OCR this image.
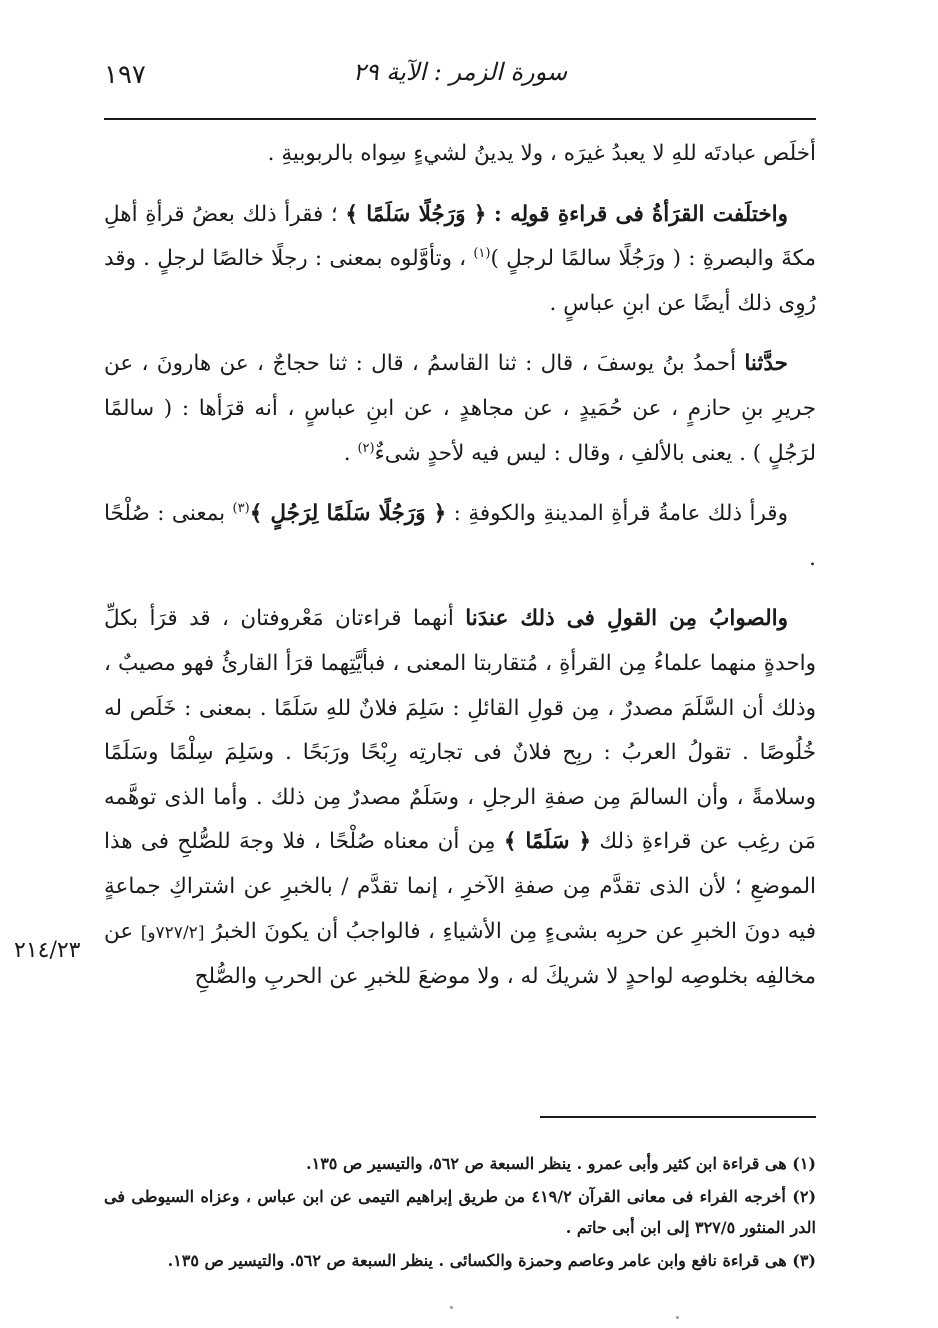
١٩٧	سورة الزمر : الآية ٢٩

أخلَص عبادتَه للهِ لا يعبدُ غيرَه ، ولا يدينُ لشيءٍ سِواه بالربوبيةِ .

واختلَفت القرَأةُ فى قراءةِ قولِه : ﴿ وَرَجُلًا سَلَمًا ﴾ ؛ فقرأ ذلك بعضُ قرأةِ أهلِ مكةَ والبصرةِ : ( ورَجُلًا سالمًا لرجلٍ )$^{(١)}$ ، وتأوَّلوه بمعنى : رجلًا خالصًا لرجلٍ . وقد رُوِى ذلك أيضًا عن ابنِ عباسٍ .

حدَّثنا أحمدُ بنُ يوسفَ ، قال : ثنا القاسمُ ، قال : ثنا حجاجٌ ، عن هارونَ ، عن جريرِ بنِ حازمٍ ، عن حُمَيدٍ ، عن مجاهدٍ ، عن ابنِ عباسٍ ، أنه قرَأها : ( سالمًا لرَجُلٍ ) . يعنى بالألفِ ، وقال : ليس فيه لأحدٍ شىءٌ$^{(٢)}$ .

وقرأ ذلك عامةُ قرأةِ المدينةِ والكوفةِ : ﴿ وَرَجُلًا سَلَمًا لِرَجُلٍ ﴾$^{(٣)}$ بمعنى : صُلْحًا .

والصوابُ مِن القولِ فى ذلك عندَنا أنهما قراءتان مَعْروفتان ، قد قرَأ بكلِّ واحدةٍ منهما علماءُ مِن القرأةِ ، مُتقاربتا المعنى ، فبأيَّتِهما قرَأ القارئُ فهو مصيبٌ ، وذلك أن السَّلَمَ مصدرٌ ، مِن قولِ القائلِ : سَلِمَ فلانٌ للهِ سَلَمًا . بمعنى : خَلَص له خُلُوصًا . تقولُ العربُ : ربِح فلانٌ فى تجارتِه رِبْحًا ورَبَحًا . وسَلِمَ سِلْمًا وسَلَمًا وسلامةً ، وأن السالمَ مِن صفةِ الرجلِ ، وسَلَمٌ مصدرٌ مِن ذلك . وأما الذى توهَّمه مَن رغِب عن قراءةِ ذلك ﴿ سَلَمًا ﴾ مِن أن معناه صُلْحًا ، فلا وجهَ للصُّلحِ فى هذا الموضعِ ؛ لأن الذى تقدَّم مِن صفةِ الآخرِ ، إنما تقدَّم / بالخبرِ عن اشتراكِ جماعةٍ فيه دونَ الخبرِ عن حربِه بشىءٍ مِن الأشياءِ ، فالواجبُ أن يكونَ الخبرُ [٧٢٧/٢و] عن مخالفِه بخلوصِه لواحدٍ لا شريكَ له ، ولا موضعَ للخبرِ عن الحربِ والصُّلحِ

٢١٤/٢٣

(١) هى قراءة ابن كثير وأبى عمرو . ينظر السبعة ص ٥٦٢، والتيسير ص ١٣٥.

(٢) أخرجه الفراء فى معانى القرآن ٤١٩/٢ من طريق إبراهيم التيمى عن ابن عباس ، وعزاه السيوطى فى الدر المنثور ٣٢٧/٥ إلى ابن أبى حاتم .

(٣) هى قراءة نافع وابن عامر وعاصم وحمزة والكسائى . ينظر السبعة ص ٥٦٢. والتيسير ص ١٣٥.
